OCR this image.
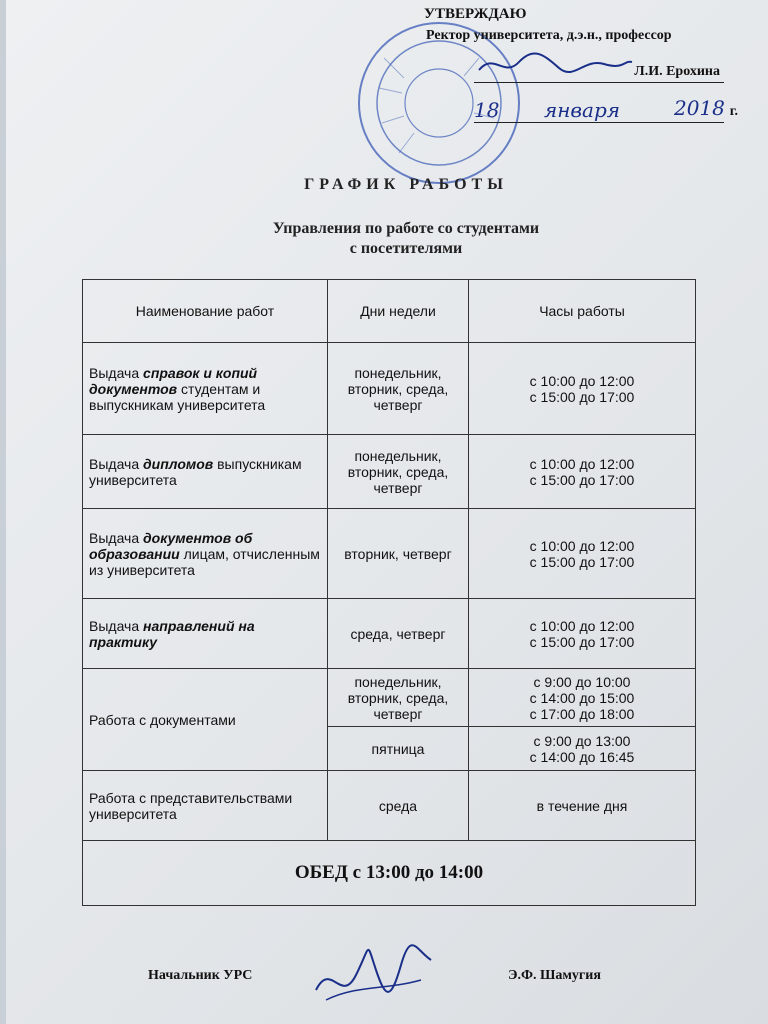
УТВЕРЖДАЮ
Ректор университета, д.э.н., профессор
Л.И. Ерохина
18 января	2018 г.
ГРАФИК РАБОТЫ
Управления по работе со студентами
с посетителями
Наименование работ	Дни недели	Часы работы
Выдача справок и копий документов студентам и выпускникам университета	понедельник, вторник, среда, четверг	с 10:00 до 12:00
с 15:00 до 17:00

Выдача дипломов выпускникам университета	понедельник, вторник, среда, четверг	с 10:00 до 12:00
с 15:00 до 17:00

Выдача документов об образовании лицам, отчисленным из университета	вторник, четверг	с 10:00 до 12:00
с 15:00 до 17:00

Выдача направлений на практику	среда, четверг	с 10:00 до 12:00
с 15:00 до 17:00

Работа с документами	понедельник, вторник, среда, четверг	с 9:00 до 10:00
с 14:00 до 15:00
с 17:00 до 18:00

	пятница	с 9:00 до 13:00
с 14:00 до 16:45

Работа с представительствами университета	среда	в течение дня
ОБЕД с 13:00 до 14:00		
Начальник УРС	Э.Ф. Шамугия
